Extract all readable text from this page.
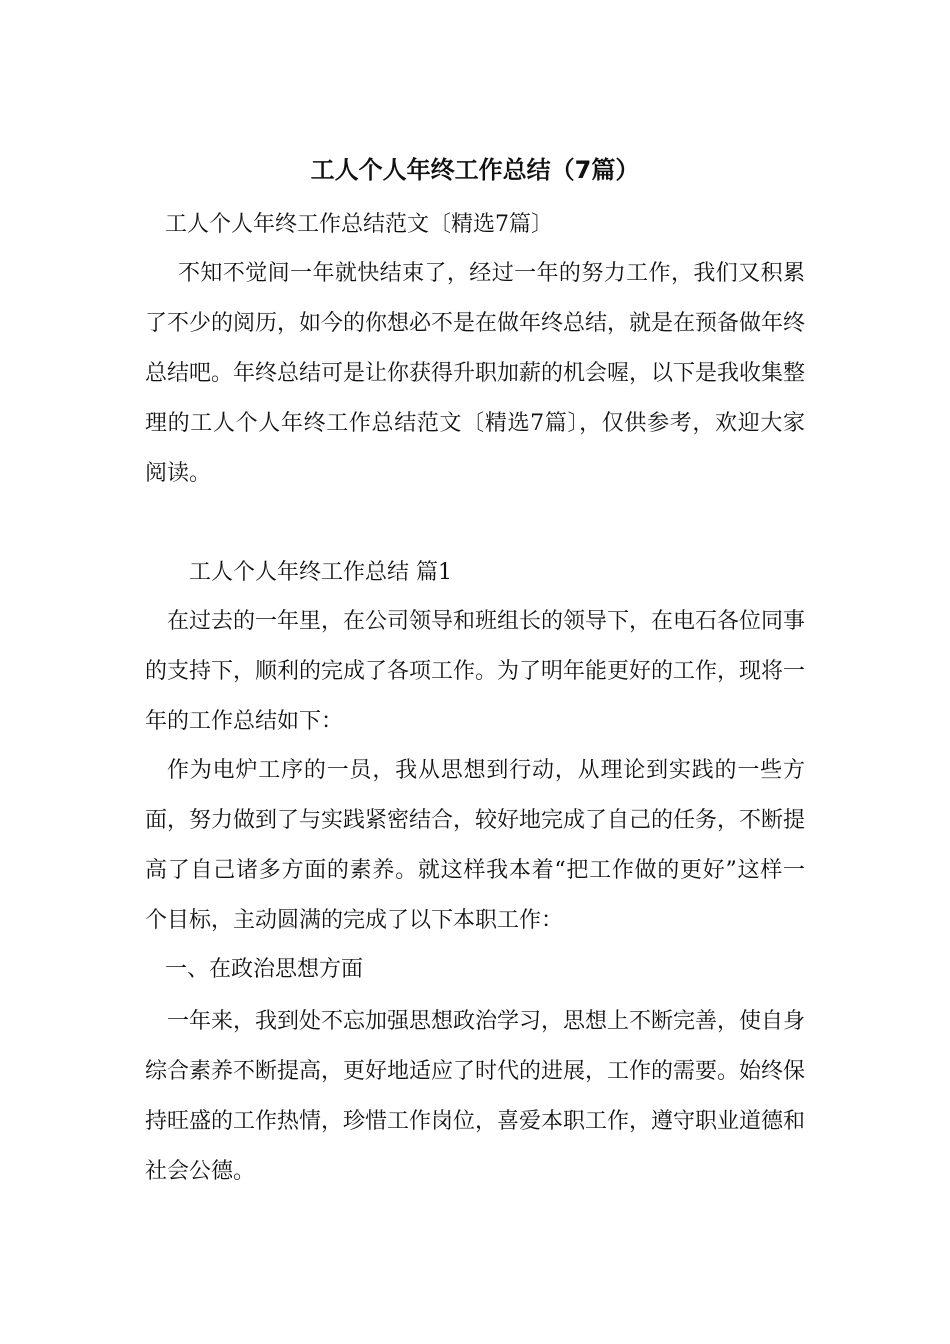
工人个人年终工作总结（7篇）
工人个人年终工作总结范文〔精选7篇〕
不知不觉间一年就快结束了，经过一年的努力工作，我们又积累了不少的阅历，如今的你想必不是在做年终总结，就是在预备做年终总结吧。年终总结可是让你获得升职加薪的机会喔，以下是我收集整理的工人个人年终工作总结范文〔精选7篇〕，仅供参考，欢迎大家阅读。
工人个人年终工作总结 篇1
在过去的一年里，在公司领导和班组长的领导下，在电石各位同事的支持下，顺利的完成了各项工作。为了明年能更好的工作，现将一年的工作总结如下：
作为电炉工序的一员，我从思想到行动，从理论到实践的一些方面，努力做到了与实践紧密结合，较好地完成了自己的任务，不断提高了自己诸多方面的素养。就这样我本着“把工作做的更好”这样一个目标，主动圆满的完成了以下本职工作：
一、在政治思想方面
一年来，我到处不忘加强思想政治学习，思想上不断完善，使自身综合素养不断提高，更好地适应了时代的进展，工作的需要。始终保持旺盛的工作热情，珍惜工作岗位，喜爱本职工作，遵守职业道德和社会公德。
